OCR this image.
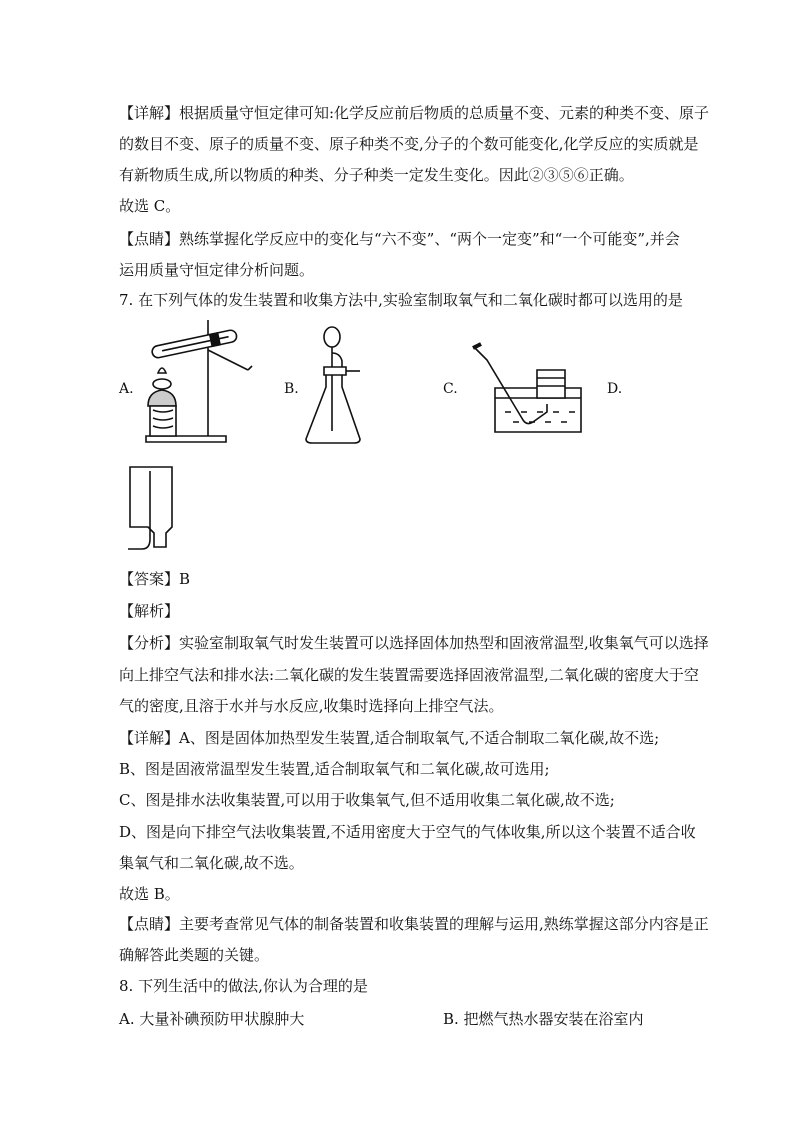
【详解】根据质量守恒定律可知:化学反应前后物质的总质量不变、元素的种类不变、原子
的数目不变、原子的质量不变、原子种类不变,分子的个数可能变化,化学反应的实质就是
有新物质生成,所以物质的种类、分子种类一定发生变化。因此②③⑤⑥正确。
故选 C。
【点睛】熟练掌握化学反应中的变化与“六不变”、“两个一定变”和“一个可能变”,并会
运用质量守恒定律分析问题。
7. 在下列气体的发生装置和收集方法中,实验室制取氧气和二氧化碳时都可以选用的是
A.	B.	C.	D.
【答案】B
【解析】
【分析】实验室制取氧气时发生装置可以选择固体加热型和固液常温型,收集氧气可以选择
向上排空气法和排水法:二氧化碳的发生装置需要选择固液常温型,二氧化碳的密度大于空
气的密度,且溶于水并与水反应,收集时选择向上排空气法。
【详解】A、图是固体加热型发生装置,适合制取氧气,不适合制取二氧化碳,故不选;
B、图是固液常温型发生装置,适合制取氧气和二氧化碳,故可选用;
C、图是排水法收集装置,可以用于收集氧气,但不适用收集二氧化碳,故不选;
D、图是向下排空气法收集装置,不适用密度大于空气的气体收集,所以这个装置不适合收
集氧气和二氧化碳,故不选。
故选 B。
【点睛】主要考查常见气体的制备装置和收集装置的理解与运用,熟练掌握这部分内容是正
确解答此类题的关键。
8. 下列生活中的做法,你认为合理的是
A. 大量补碘预防甲状腺肿大	B. 把燃气热水器安装在浴室内
